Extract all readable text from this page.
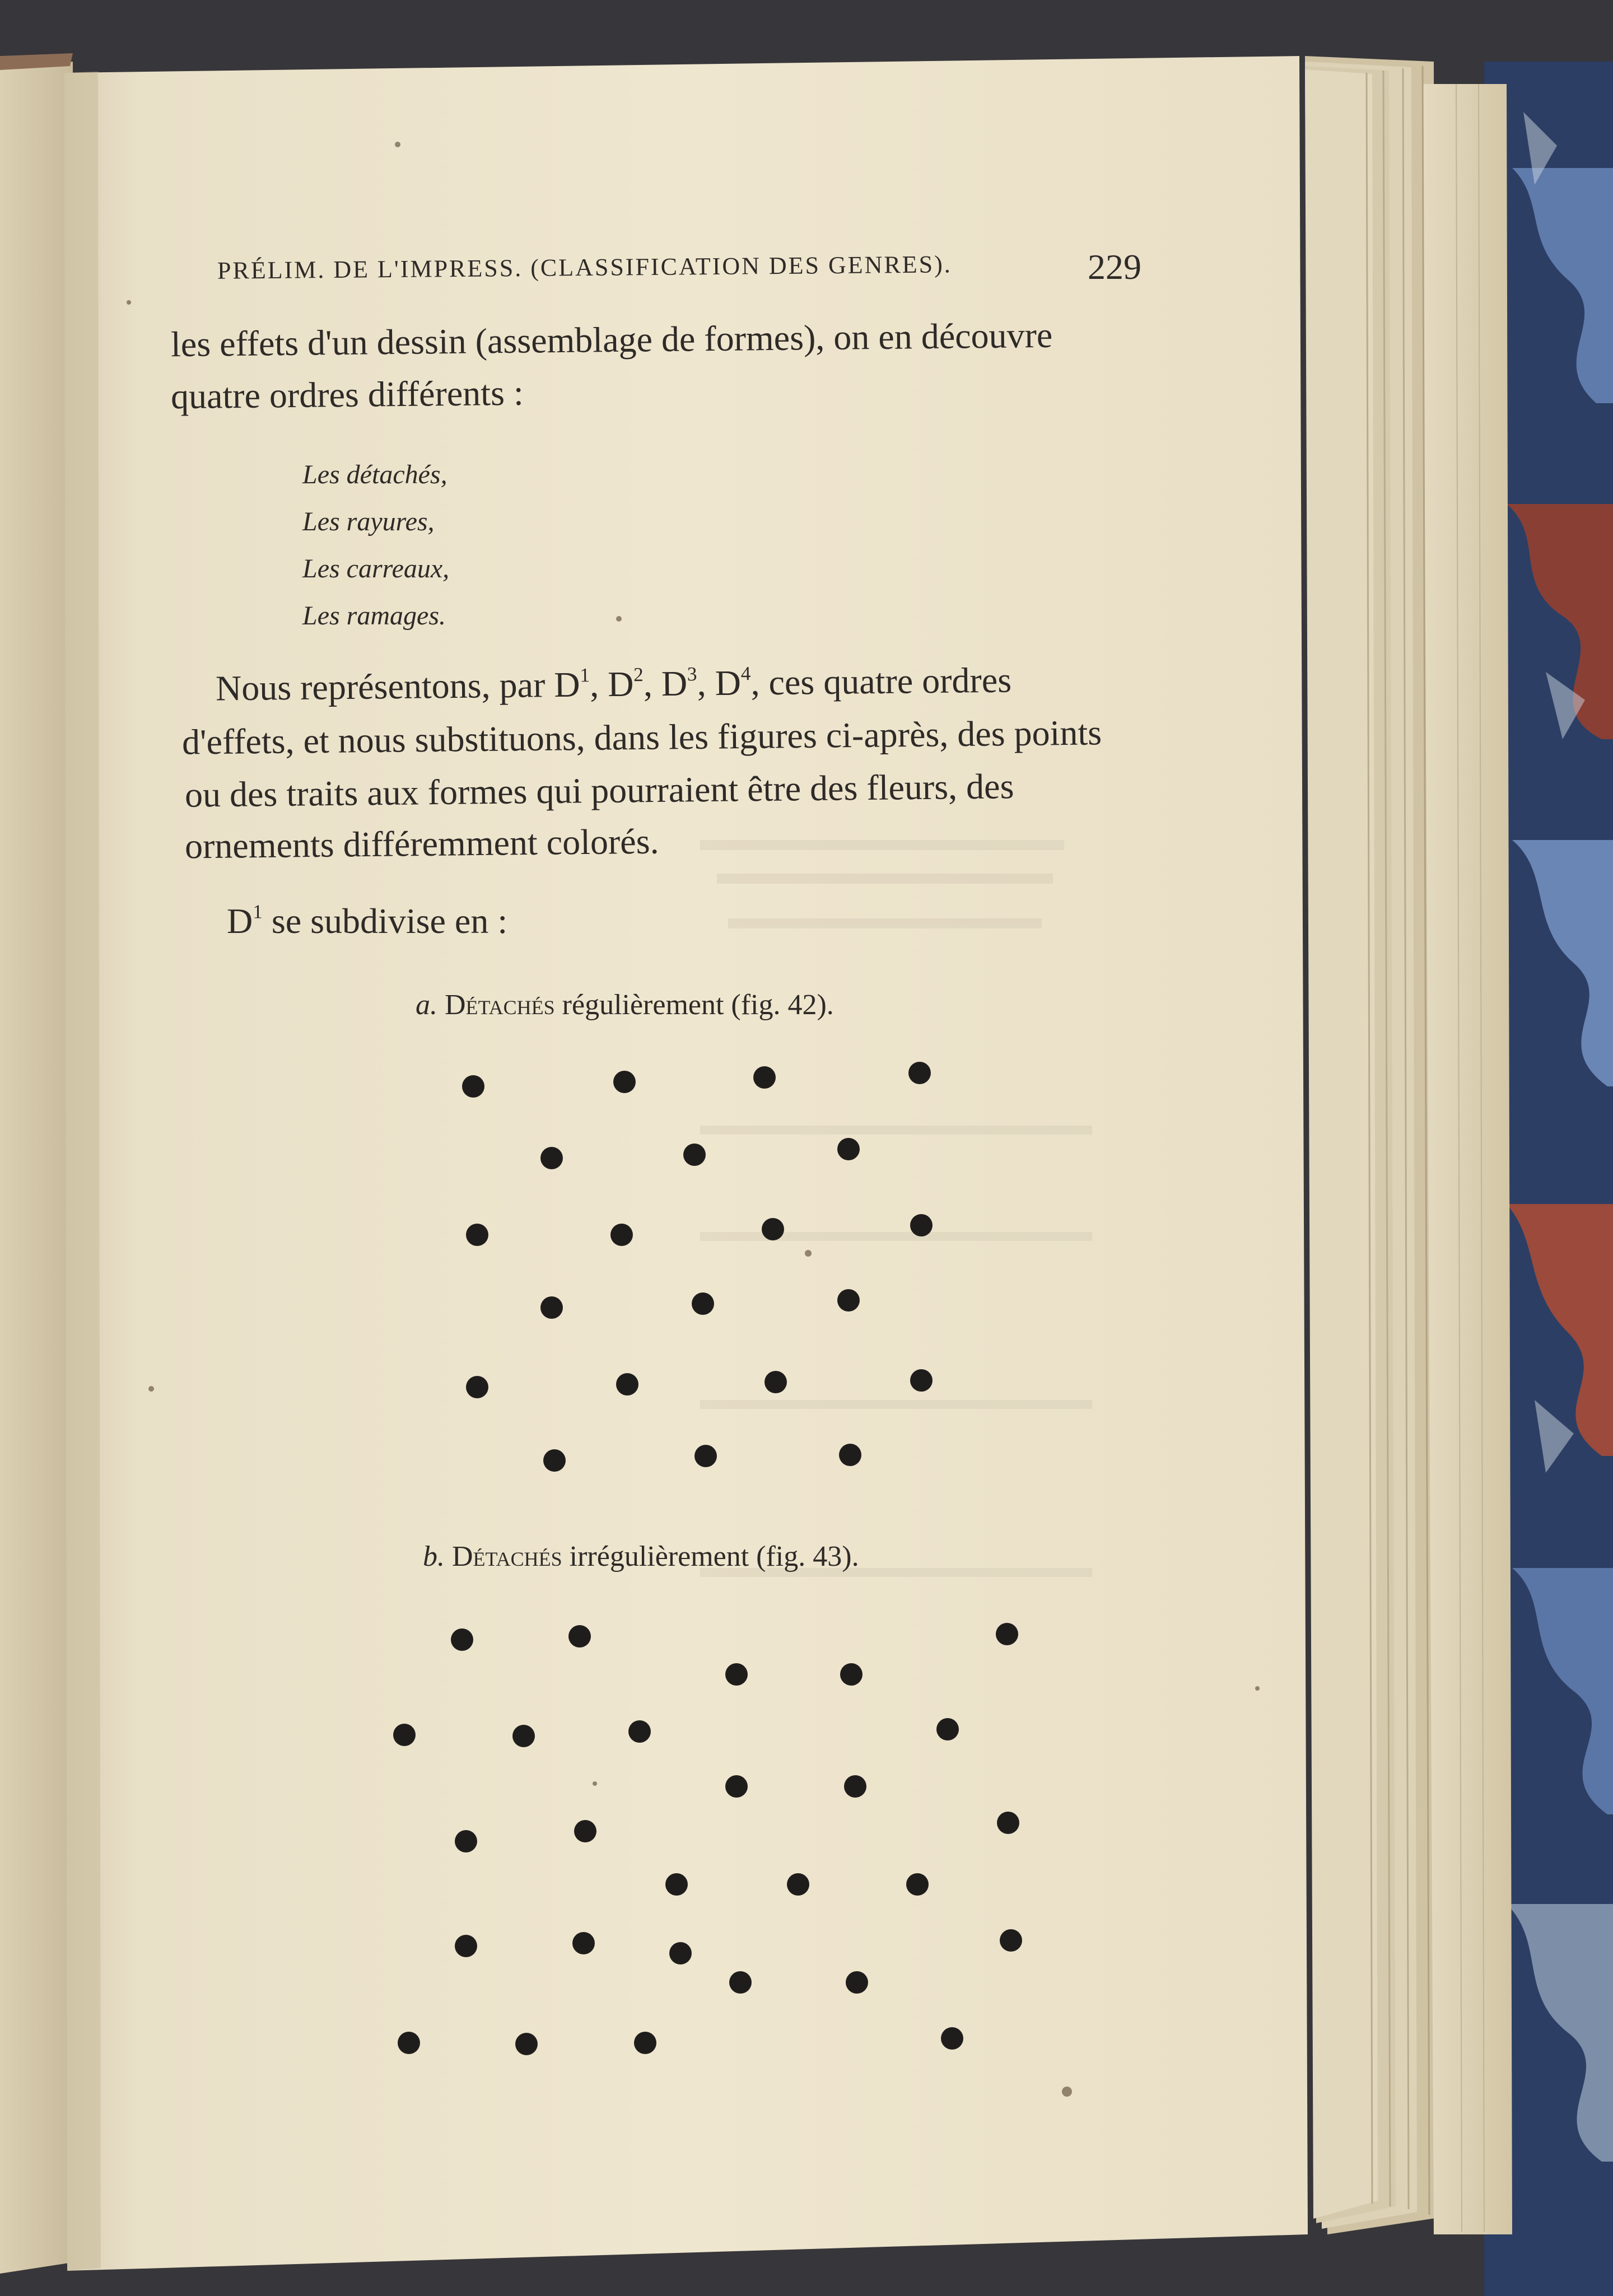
PRÉLIM. DE L'IMPRESS. (CLASSIFICATION DES GENRES).	229
les effets d'un dessin (assemblage de formes), on en découvre
quatre ordres différents :
Les détachés,
Les rayures,
Les carreaux,
Les ramages.
Nous représentons, par $D^1$, $D^2$, $D^3$, $D^4$, ces quatre ordres
d'effets, et nous substituons, dans les figures ci-après, des points
ou des traits aux formes qui pourraient être des fleurs, des
ornements différemment colorés.
$D^1$ se subdivise en :
a. Détachés régulièrement (fig. 42).
b. Détachés irrégulièrement (fig. 43).
